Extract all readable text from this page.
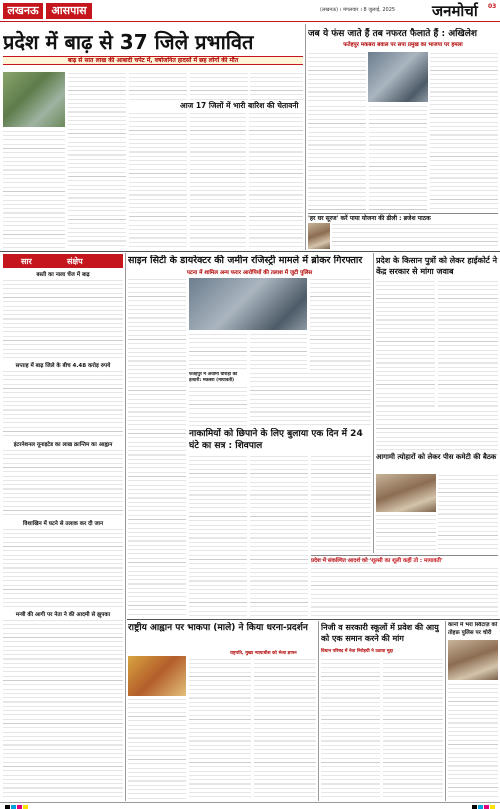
लखनऊ	आसपास	(लखनऊ) । मंगलवार । 8 जुलाई, 2025	जनमोर्चा	03
प्रदेश में बाढ़ से 37 जिले प्रभावित
बाढ़ से सात लाख की आबादी चपेट में, वर्षाजनित हादसों में छह लोगों की मौत
आज 17 जिलों में भारी बारिश की चेतावनी
जब ये फंस जाते हैं तब नफरत फैलाते हैं : अखिलेश
फतेहपुर मकबरा बवाल पर सपा प्रमुख का भाजपा पर हमला
'हर घर सूरज' करें पाया योजना की ढीली : ब्रजेश पाठक
सार	संक्षेप
बस्ती का नाला चेंज में बाढ़
सप्ताह में बाढ़ जिले के बीच 4.48 करोड़ रुपये
इंटरनेशनल यूनाइटेड का लाख क्रान्तिम का आह्वान
विशाखिन में घटने से तलाक कर दी जान
मन्त्री की आगी पर नेता ने की आदमी से झुपका
साइन सिटी के डायरेक्टर की जमीन रजिस्ट्री मामले में ब्रोकर गिरफ्तार
पटना में शामिल अन्य फरार आरोपियों की तलाश में जुटी पुलिस
प्रदेश के किसान पुत्रों को लेकर हाईकोर्ट ने केंद्र सरकार से मांगा जवाब
फतेहपुर में अधोमा चौराहा की हत्यारी: मकबरा (मायावती)
नाकामियों को छिपाने के लिए बुलाया एक दिन में 24 घंटे का सत्र : शिवपाल
आगामी त्योहारों को लेकर पीस कमेटी की बैठक
प्रदेश में संकल्पित आदर्श को 'शूल्सी का शूली कहीं तो : मायावती'
राष्ट्रीय आह्वान पर भाकपा (माले) ने किया धरना-प्रदर्शन
राष्ट्रपति, मुख्य न्यायाधीश को भेजा ज्ञापन
निजी व सरकारी स्कूलों में प्रवेश की आयु को एक समान करने की मांग
विधान परिषद में नेता निरोहयी ने उठाया मुद्दा
कानों में भरा स्विटाज़ को तोहफ़ पुलिस पर चोरी
